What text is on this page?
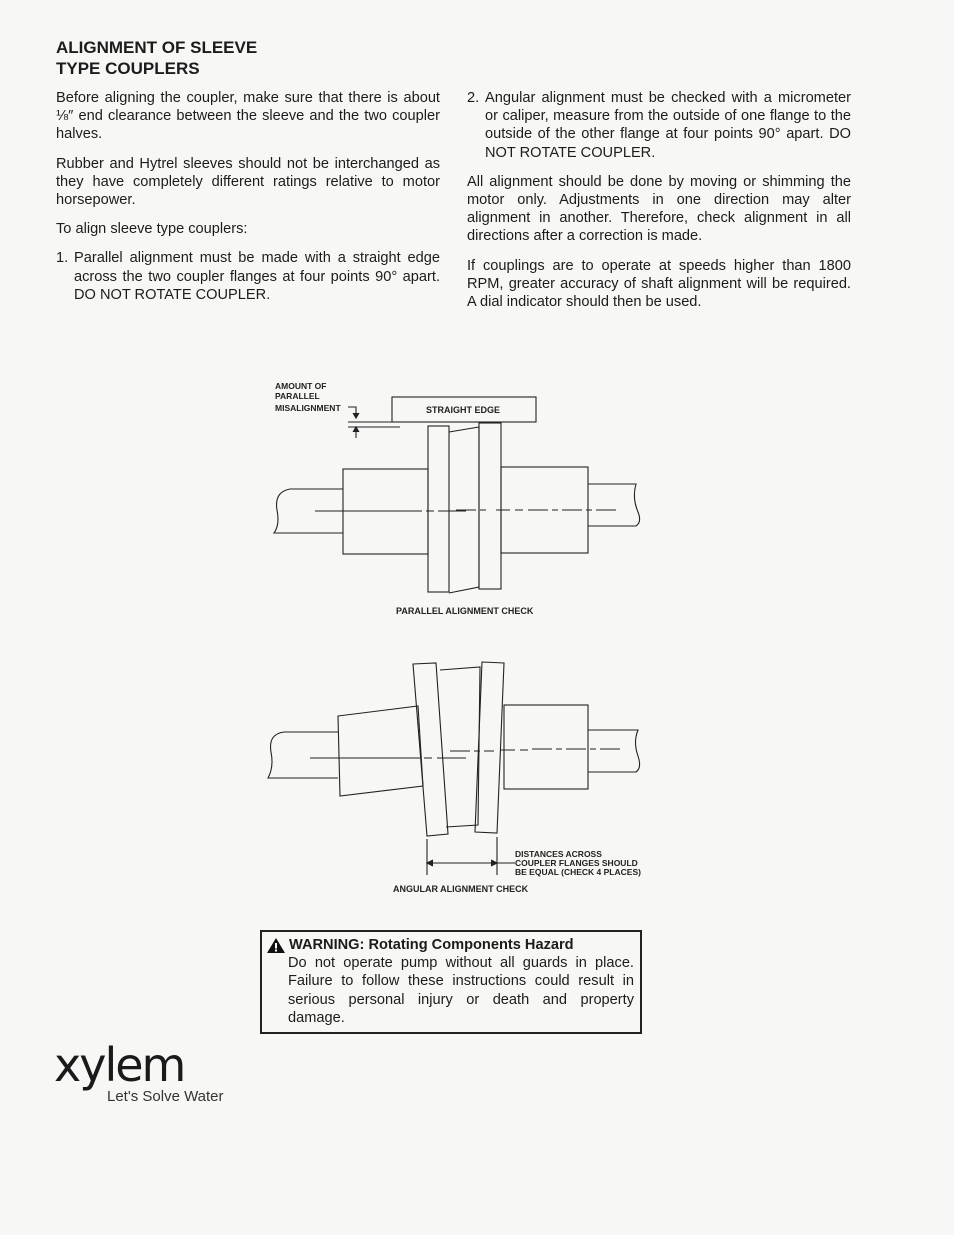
ALIGNMENT OF SLEEVE
TYPE COUPLERS

Before aligning the coupler, make sure that there is about ⅛″ end clearance between the sleeve and the two coupler halves.

Rubber and Hytrel sleeves should not be interchanged as they have completely different ratings relative to motor horsepower.

To align sleeve type couplers:

1. Parallel alignment must be made with a straight edge across the two coupler flanges at four points 90° apart. DO NOT ROTATE COUPLER.
2. Angular alignment must be checked with a micrometer or caliper, measure from the outside of one flange to the outside of the other flange at four points 90° apart. DO NOT ROTATE COUPLER.

All alignment should be done by moving or shimming the motor only. Adjustments in one direction may alter alignment in another. Therefore, check alignment in all directions after a correction is made.

If couplings are to operate at speeds higher than 1800 RPM, greater accuracy of shaft alignment will be required. A dial indicator should then be used.

AMOUNT OF
PARALLEL
MISALIGNMENT	STRAIGHT EDGE
PARALLEL ALIGNMENT CHECK
DISTANCES ACROSS
COUPLER FLANGES SHOULD
BE EQUAL (CHECK 4 PLACES)
ANGULAR ALIGNMENT CHECK
WARNING: Rotating Components Hazard
Do not operate pump without all guards in place. Failure to follow these instructions could result in serious personal injury or death and property damage.
xylem
Let's Solve Water
